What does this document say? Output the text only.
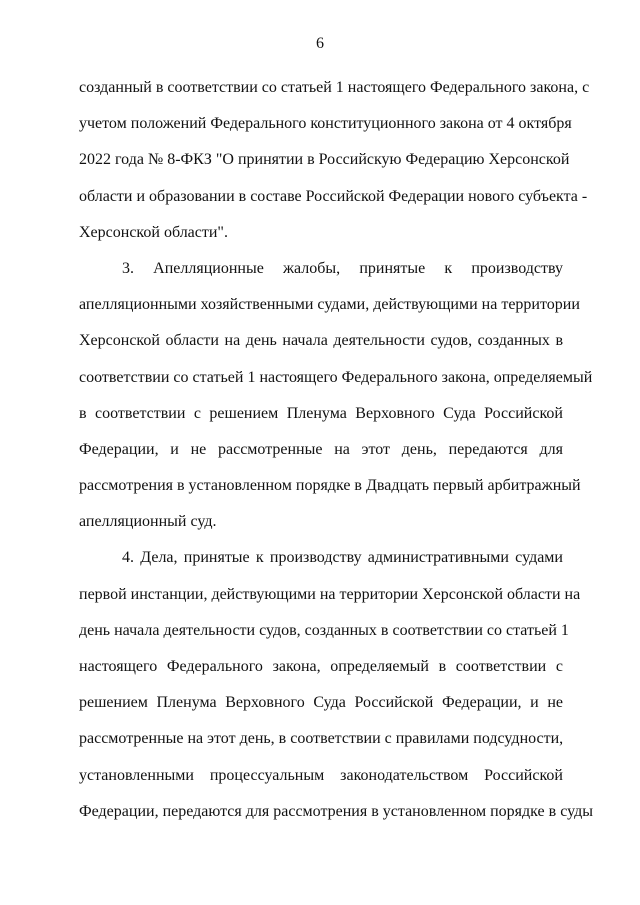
6
созданный в соответствии со статьей 1 настоящего Федерального закона, с
учетом положений Федерального конституционного закона от 4 октября
2022 года № 8-ФКЗ "О принятии в Российскую Федерацию Херсонской
области и образовании в составе Российской Федерации нового субъекта -
Херсонской области".
3. Апелляционные жалобы, принятые к производству
апелляционными хозяйственными судами, действующими на территории
Херсонской области на день начала деятельности судов, созданных в
соответствии со статьей 1 настоящего Федерального закона, определяемый
в соответствии с решением Пленума Верховного Суда Российской
Федерации, и не рассмотренные на этот день, передаются для
рассмотрения в установленном порядке в Двадцать первый арбитражный
апелляционный суд.
4. Дела, принятые к производству административными судами
первой инстанции, действующими на территории Херсонской области на
день начала деятельности судов, созданных в соответствии со статьей 1
настоящего Федерального закона, определяемый в соответствии с
решением Пленума Верховного Суда Российской Федерации, и не
рассмотренные на этот день, в соответствии с правилами подсудности,
установленными процессуальным законодательством Российской
Федерации, передаются для рассмотрения в установленном порядке в суды
